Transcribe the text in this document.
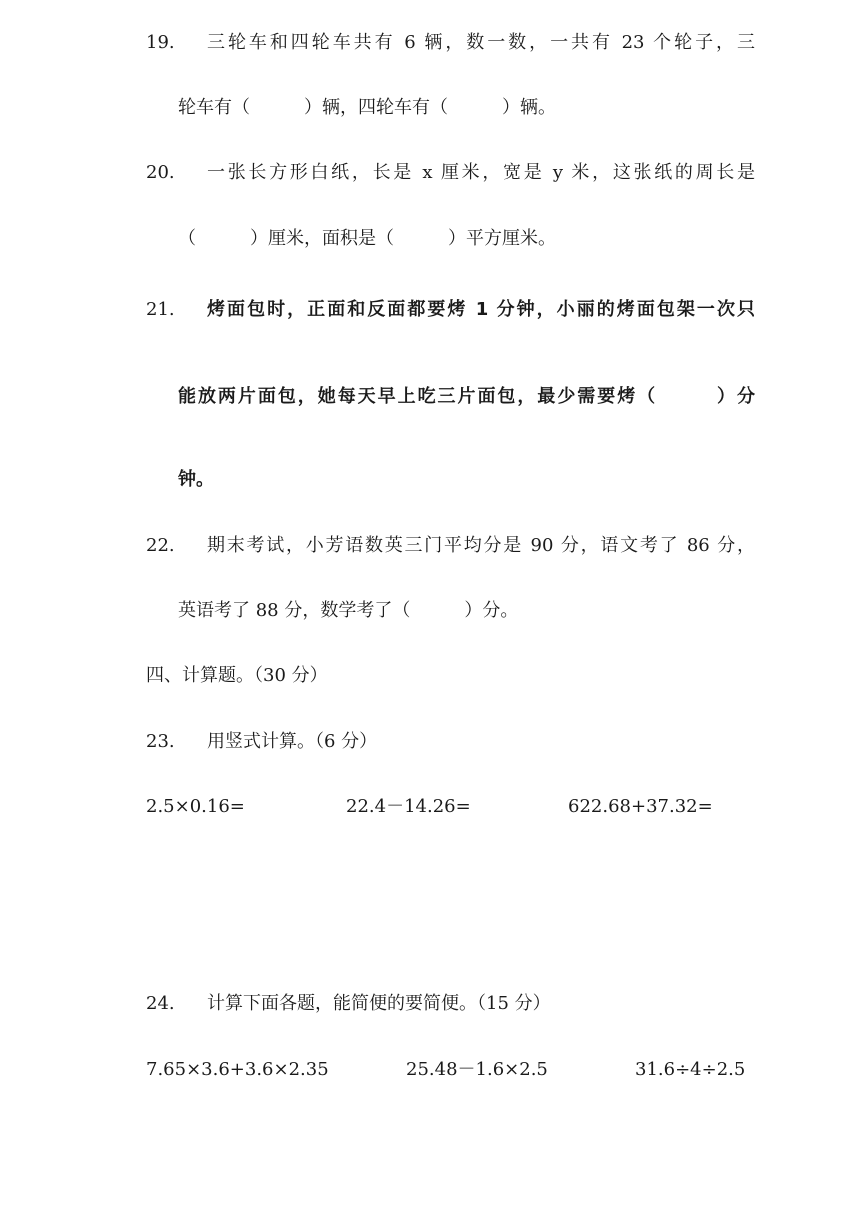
19. 三轮车和四轮车共有 6 辆，数一数，一共有 23 个轮子，三
轮车有（　　　）辆，四轮车有（　　　）辆。
20. 一张长方形白纸，长是 x 厘米，宽是 y 米，这张纸的周长是
（　　　）厘米，面积是（　　　）平方厘米。
21. 烤面包时，正面和反面都要烤 1 分钟，小丽的烤面包架一次只
能放两片面包，她每天早上吃三片面包，最少需要烤（　　　）分
钟。
22. 期末考试，小芳语数英三门平均分是 90 分，语文考了 86 分，
英语考了 88 分，数学考了（　　　）分。
四、计算题。（30 分）
23. 用竖式计算。（6 分）
2.5×0.16=	22.4－14.26=	622.68+37.32=
24. 计算下面各题，能简便的要简便。（15 分）
7.65×3.6+3.6×2.35	25.48－1.6×2.5	31.6÷4÷2.5
